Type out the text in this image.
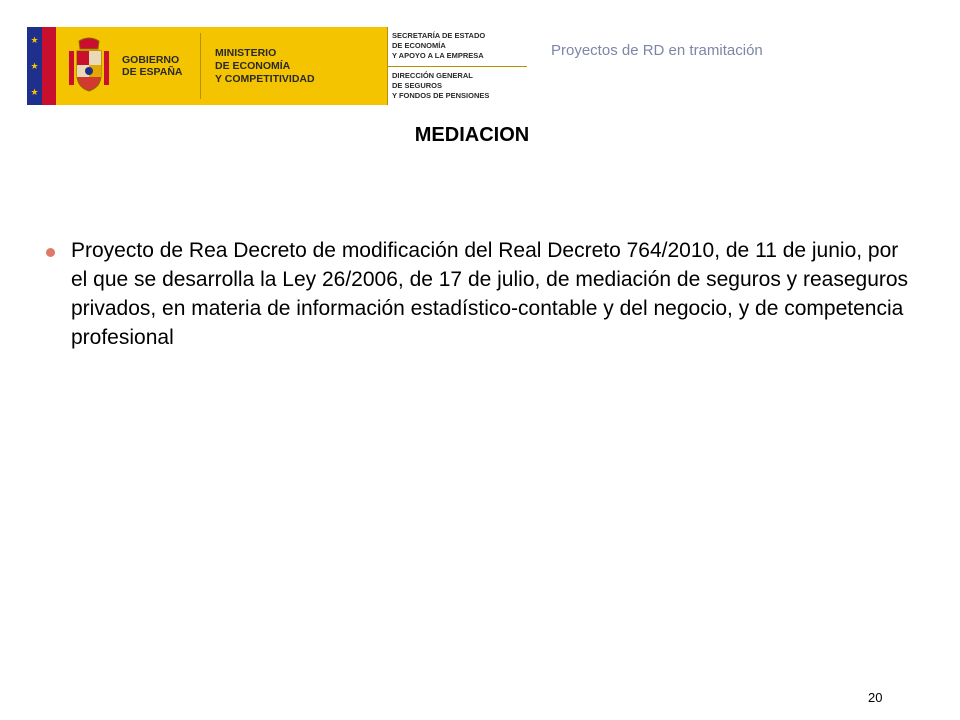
★
★
★
GOBIERNO
DE ESPAÑA
MINISTERIO
DE ECONOMÍA
Y COMPETITIVIDAD
SECRETARÍA DE ESTADO
DE ECONOMÍA
Y APOYO A LA EMPRESA
DIRECCIÓN GENERAL
DE SEGUROS
Y FONDOS DE PENSIONES
Proyectos de RD en tramitación
MEDIACION

Proyecto de Rea Decreto de modificación del Real Decreto 764/2010, de 11 de junio, por el que se desarrolla la Ley 26/2006, de 17 de julio, de mediación de seguros y reaseguros privados, en materia de información estadístico-contable y del negocio, y de competencia profesional

20
